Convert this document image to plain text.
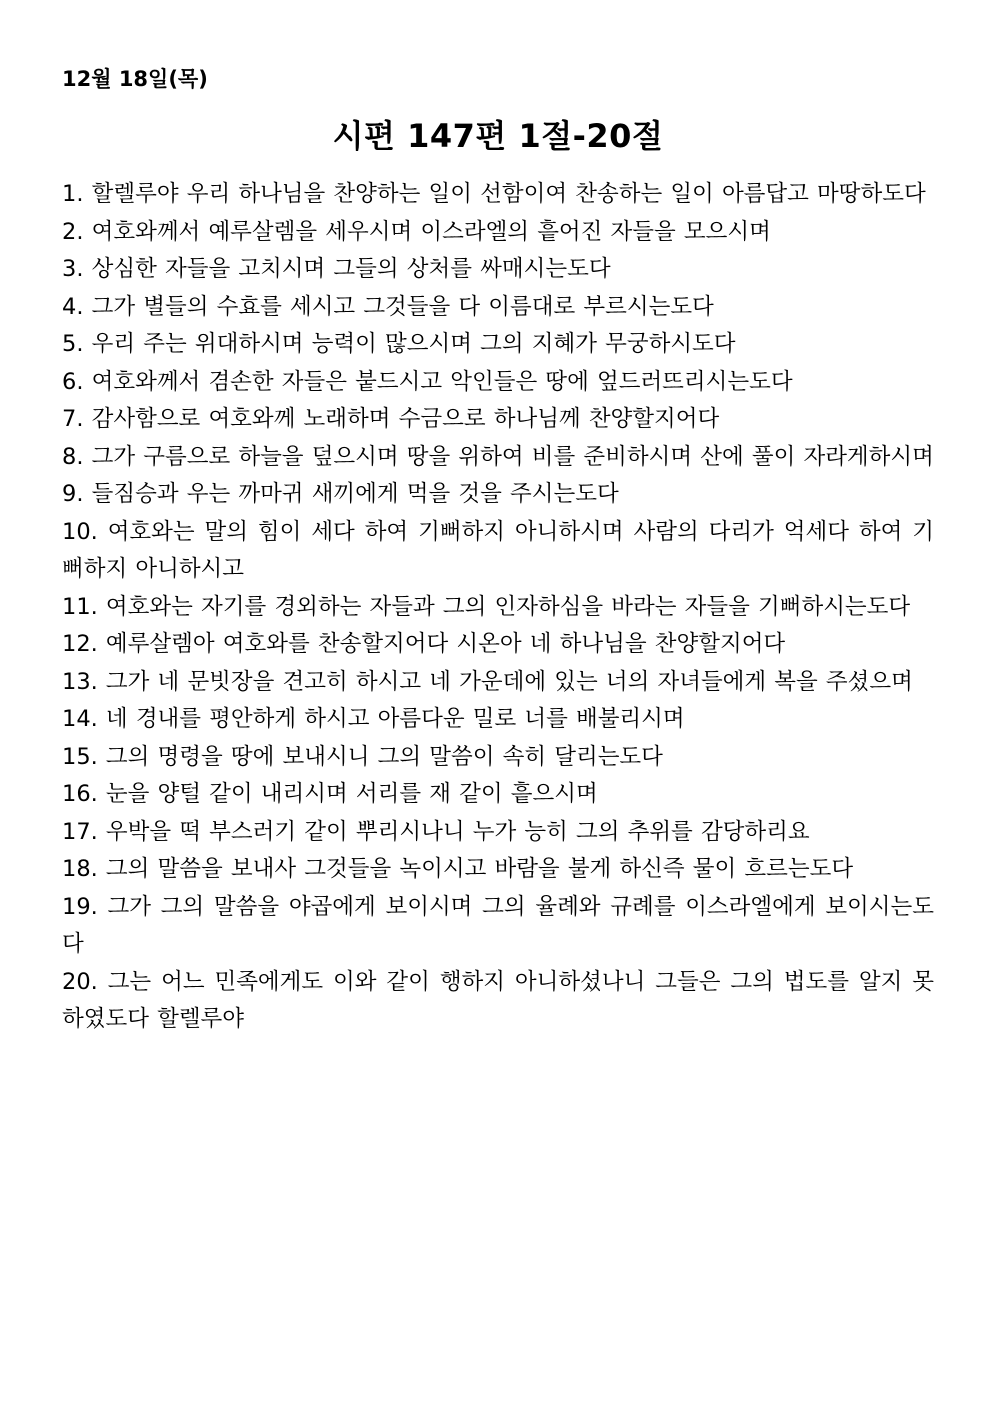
12월 18일(목)
시편 147편 1절-20절
1. 할렐루야 우리 하나님을 찬양하는 일이 선함이여 찬송하는 일이 아름답고 마땅하도다
2. 여호와께서 예루살렘을 세우시며 이스라엘의 흩어진 자들을 모으시며
3. 상심한 자들을 고치시며 그들의 상처를 싸매시는도다
4. 그가 별들의 수효를 세시고 그것들을 다 이름대로 부르시는도다
5. 우리 주는 위대하시며 능력이 많으시며 그의 지혜가 무궁하시도다
6. 여호와께서 겸손한 자들은 붙드시고 악인들은 땅에 엎드러뜨리시는도다
7. 감사함으로 여호와께 노래하며 수금으로 하나님께 찬양할지어다
8. 그가 구름으로 하늘을 덮으시며 땅을 위하여 비를 준비하시며 산에 풀이 자라게하시며
9. 들짐승과 우는 까마귀 새끼에게 먹을 것을 주시는도다
10. 여호와는 말의 힘이 세다 하여 기뻐하지 아니하시며 사람의 다리가 억세다 하여 기뻐하지 아니하시고
11. 여호와는 자기를 경외하는 자들과 그의 인자하심을 바라는 자들을 기뻐하시는도다
12. 예루살렘아 여호와를 찬송할지어다 시온아 네 하나님을 찬양할지어다
13. 그가 네 문빗장을 견고히 하시고 네 가운데에 있는 너의 자녀들에게 복을 주셨으며
14. 네 경내를 평안하게 하시고 아름다운 밀로 너를 배불리시며
15. 그의 명령을 땅에 보내시니 그의 말씀이 속히 달리는도다
16. 눈을 양털 같이 내리시며 서리를 재 같이 흩으시며
17. 우박을 떡 부스러기 같이 뿌리시나니 누가 능히 그의 추위를 감당하리요
18. 그의 말씀을 보내사 그것들을 녹이시고 바람을 불게 하신즉 물이 흐르는도다
19. 그가 그의 말씀을 야곱에게 보이시며 그의 율례와 규례를 이스라엘에게 보이시는도다
20. 그는 어느 민족에게도 이와 같이 행하지 아니하셨나니 그들은 그의 법도를 알지 못하였도다 할렐루야
